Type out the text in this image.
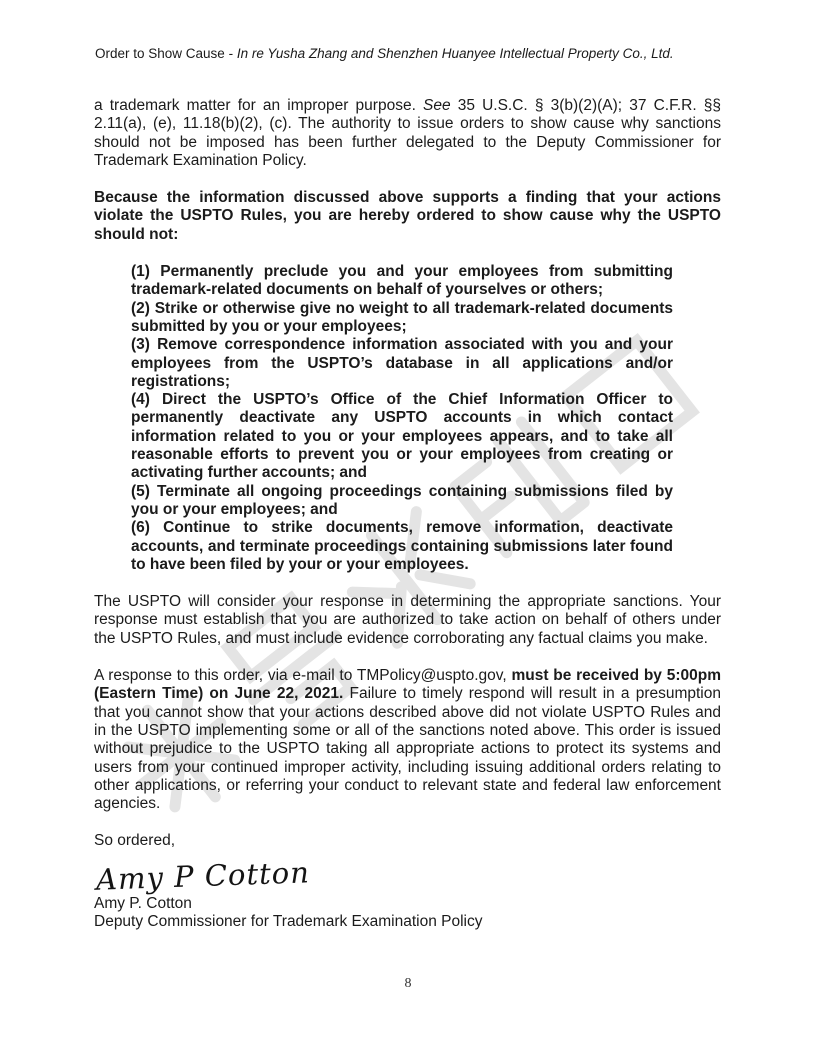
Order to Show Cause - In re Yusha Zhang and Shenzhen Huanyee Intellectual Property Co., Ltd.

a trademark matter for an improper purpose. See 35 U.S.C. § 3(b)(2)(A); 37 C.F.R. §§ 2.11(a), (e), 11.18(b)(2), (c). The authority to issue orders to show cause why sanctions should not be imposed has been further delegated to the Deputy Commissioner for Trademark Examination Policy.

Because the information discussed above supports a finding that your actions violate the USPTO Rules, you are hereby ordered to show cause why the USPTO should not:

(1) Permanently preclude you and your employees from submitting trademark-related documents on behalf of yourselves or others;

(2) Strike or otherwise give no weight to all trademark-related documents submitted by you or your employees;

(3) Remove correspondence information associated with you and your employees from the USPTO’s database in all applications and/or registrations;

(4) Direct the USPTO’s Office of the Chief Information Officer to permanently deactivate any USPTO accounts in which contact information related to you or your employees appears, and to take all reasonable efforts to prevent you or your employees from creating or activating further accounts; and

(5) Terminate all ongoing proceedings containing submissions filed by you or your employees; and

(6) Continue to strike documents, remove information, deactivate accounts, and terminate proceedings containing submissions later found to have been filed by your or your employees.

The USPTO will consider your response in determining the appropriate sanctions. Your response must establish that you are authorized to take action on behalf of others under the USPTO Rules, and must include evidence corroborating any factual claims you make.

A response to this order, via e-mail to TMPolicy@uspto.gov, must be received by 5:00pm (Eastern Time) on June 22, 2021. Failure to timely respond will result in a presumption that you cannot show that your actions described above did not violate USPTO Rules and in the USPTO implementing some or all of the sanctions noted above. This order is issued without prejudice to the USPTO taking all appropriate actions to protect its systems and users from your continued improper activity, including issuing additional orders relating to other applications, or referring your conduct to relevant state and federal law enforcement agencies.

So ordered,

Amy P Cotton

Amy P. Cotton

Deputy Commissioner for Trademark Examination Policy

8
